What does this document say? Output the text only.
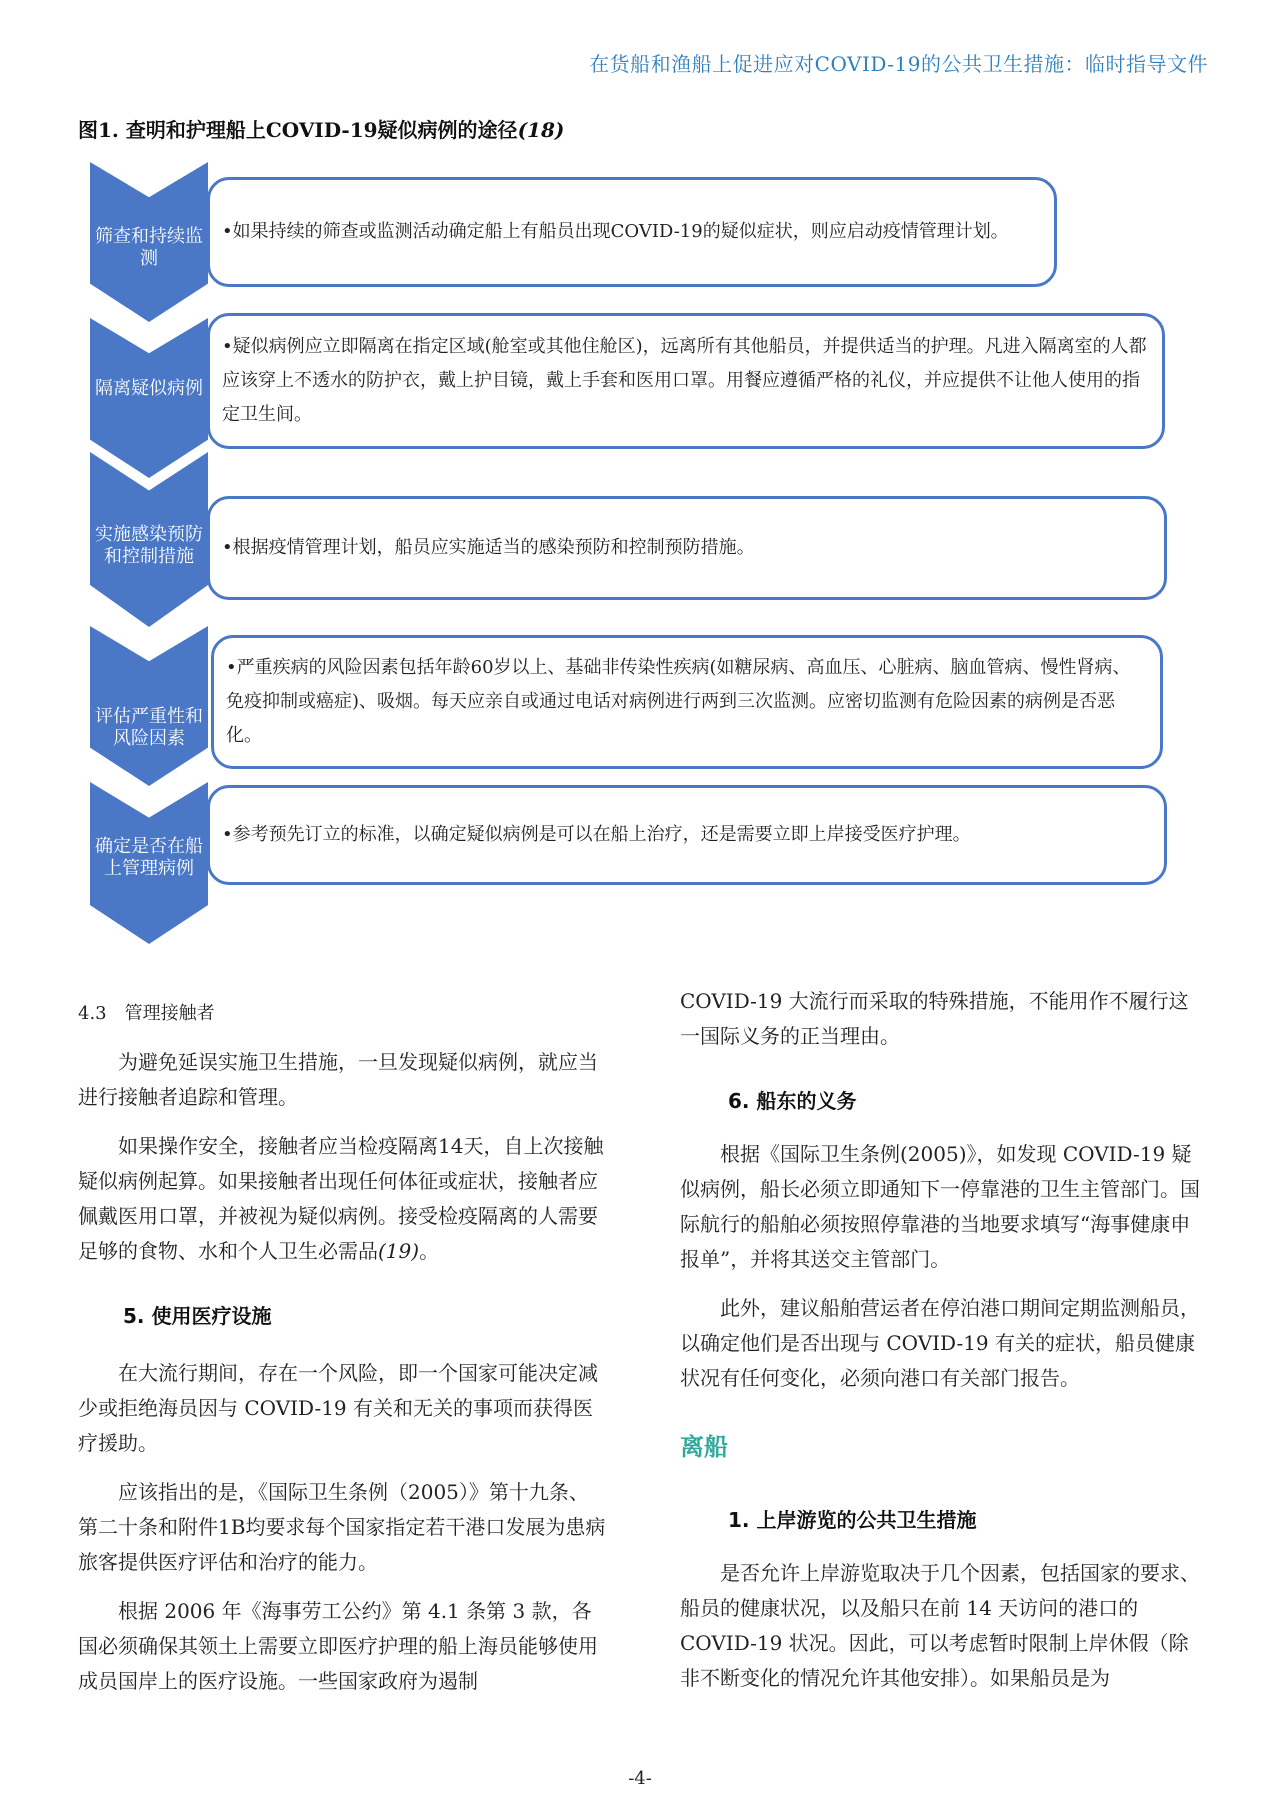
在货船和渔船上促进应对COVID-19的公共卫生措施：临时指导文件
图1. 查明和护理船上COVID-19疑似病例的途径(18)
筛查和持续监测
•如果持续的筛查或监测活动确定船上有船员出现COVID-19的疑似症状，则应启动疫情管理计划。
隔离疑似病例
•疑似病例应立即隔离在指定区域(舱室或其他住舱区)，远离所有其他船员，并提供适当的护理。凡进入隔离室的人都应该穿上不透水的防护衣，戴上护目镜，戴上手套和医用口罩。用餐应遵循严格的礼仪，并应提供不让他人使用的指定卫生间。
实施感染预防和控制措施	•根据疫情管理计划，船员应实施适当的感染预防和控制预防措施。
评估严重性和风险因素
•严重疾病的风险因素包括年龄60岁以上、基础非传染性疾病(如糖尿病、高血压、心脏病、脑血管病、慢性肾病、免疫抑制或癌症)、吸烟。每天应亲自或通过电话对病例进行两到三次监测。应密切监测有危险因素的病例是否恶化。
确定是否在船上管理病例
•参考预先订立的标准，以确定疑似病例是可以在船上治疗，还是需要立即上岸接受医疗护理。

4.3　管理接触者

为避免延误实施卫生措施，一旦发现疑似病例，就应当进行接触者追踪和管理。

如果操作安全，接触者应当检疫隔离14天，自上次接触疑似病例起算。如果接触者出现任何体征或症状，接触者应佩戴医用口罩，并被视为疑似病例。接受检疫隔离的人需要足够的食物、水和个人卫生必需品(19)。

5. 使用医疗设施

在大流行期间，存在一个风险，即一个国家可能决定减少或拒绝海员因与 COVID-19 有关和无关的事项而获得医疗援助。

应该指出的是，《国际卫生条例（2005）》第十九条、第二十条和附件1B均要求每个国家指定若干港口发展为患病旅客提供医疗评估和治疗的能力。

根据 2006 年《海事劳工公约》第 4.1 条第 3 款，各国必须确保其领土上需要立即医疗护理的船上海员能够使用成员国岸上的医疗设施。一些国家政府为遏制

COVID-19 大流行而采取的特殊措施，不能用作不履行这一国际义务的正当理由。

6. 船东的义务

根据《国际卫生条例(2005)》，如发现 COVID-19 疑似病例，船长必须立即通知下一停靠港的卫生主管部门。国际航行的船舶必须按照停靠港的当地要求填写“海事健康申报单”，并将其送交主管部门。

此外，建议船舶营运者在停泊港口期间定期监测船员，以确定他们是否出现与 COVID-19 有关的症状，船员健康状况有任何变化，必须向港口有关部门报告。

离船

1. 上岸游览的公共卫生措施

是否允许上岸游览取决于几个因素，包括国家的要求、船员的健康状况，以及船只在前 14 天访问的港口的 COVID-19 状况。因此，可以考虑暂时限制上岸休假（除非不断变化的情况允许其他安排）。如果船员是为

-4-
